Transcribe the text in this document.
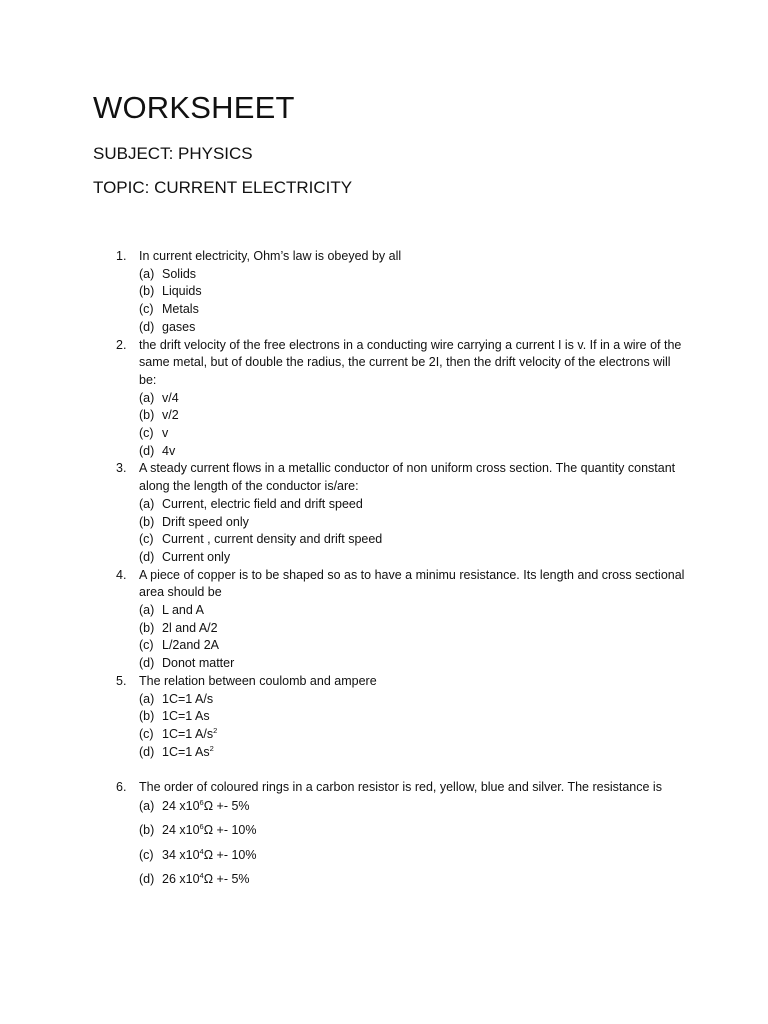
WORKSHEET
SUBJECT: PHYSICS
TOPIC: CURRENT ELECTRICITY
1. In current electricity, Ohm’s law is obeyed by all
(a) Solids
(b) Liquids
(c) Metals
(d) gases
2. the drift velocity of the free electrons in a conducting wire carrying a current I is v. If in a wire of the same metal, but of double the radius, the current be 2I, then the drift velocity of the electrons will be:
(a) v/4
(b) v/2
(c) v
(d) 4v
3. A steady current flows in a metallic conductor of non uniform cross section. The quantity constant along the length of the conductor is/are:
(a) Current, electric field and drift speed
(b) Drift speed only
(c) Current , current density and drift speed
(d) Current only
4. A piece of copper is to be shaped so as to have a minimu resistance. Its length and cross sectional area should be
(a) L and A
(b) 2l and A/2
(c) L/2and 2A
(d) Donot matter
5. The relation between coulomb and ampere
(a) 1C=1 A/s
(b) 1C=1 As
(c) 1C=1 $A/s^2$
(d) 1C=1 As$^2$
6. The order of coloured rings in a carbon resistor is red, yellow, blue and silver. The resistance is
(a) 24 $x10^6\Omega +- 5\%$
(b) 24 $x10^6\Omega +- 10\%$
(c) 34 $x10^4\Omega +- 10\%$
(d) 26 $x10^4\Omega +- 5\%$
